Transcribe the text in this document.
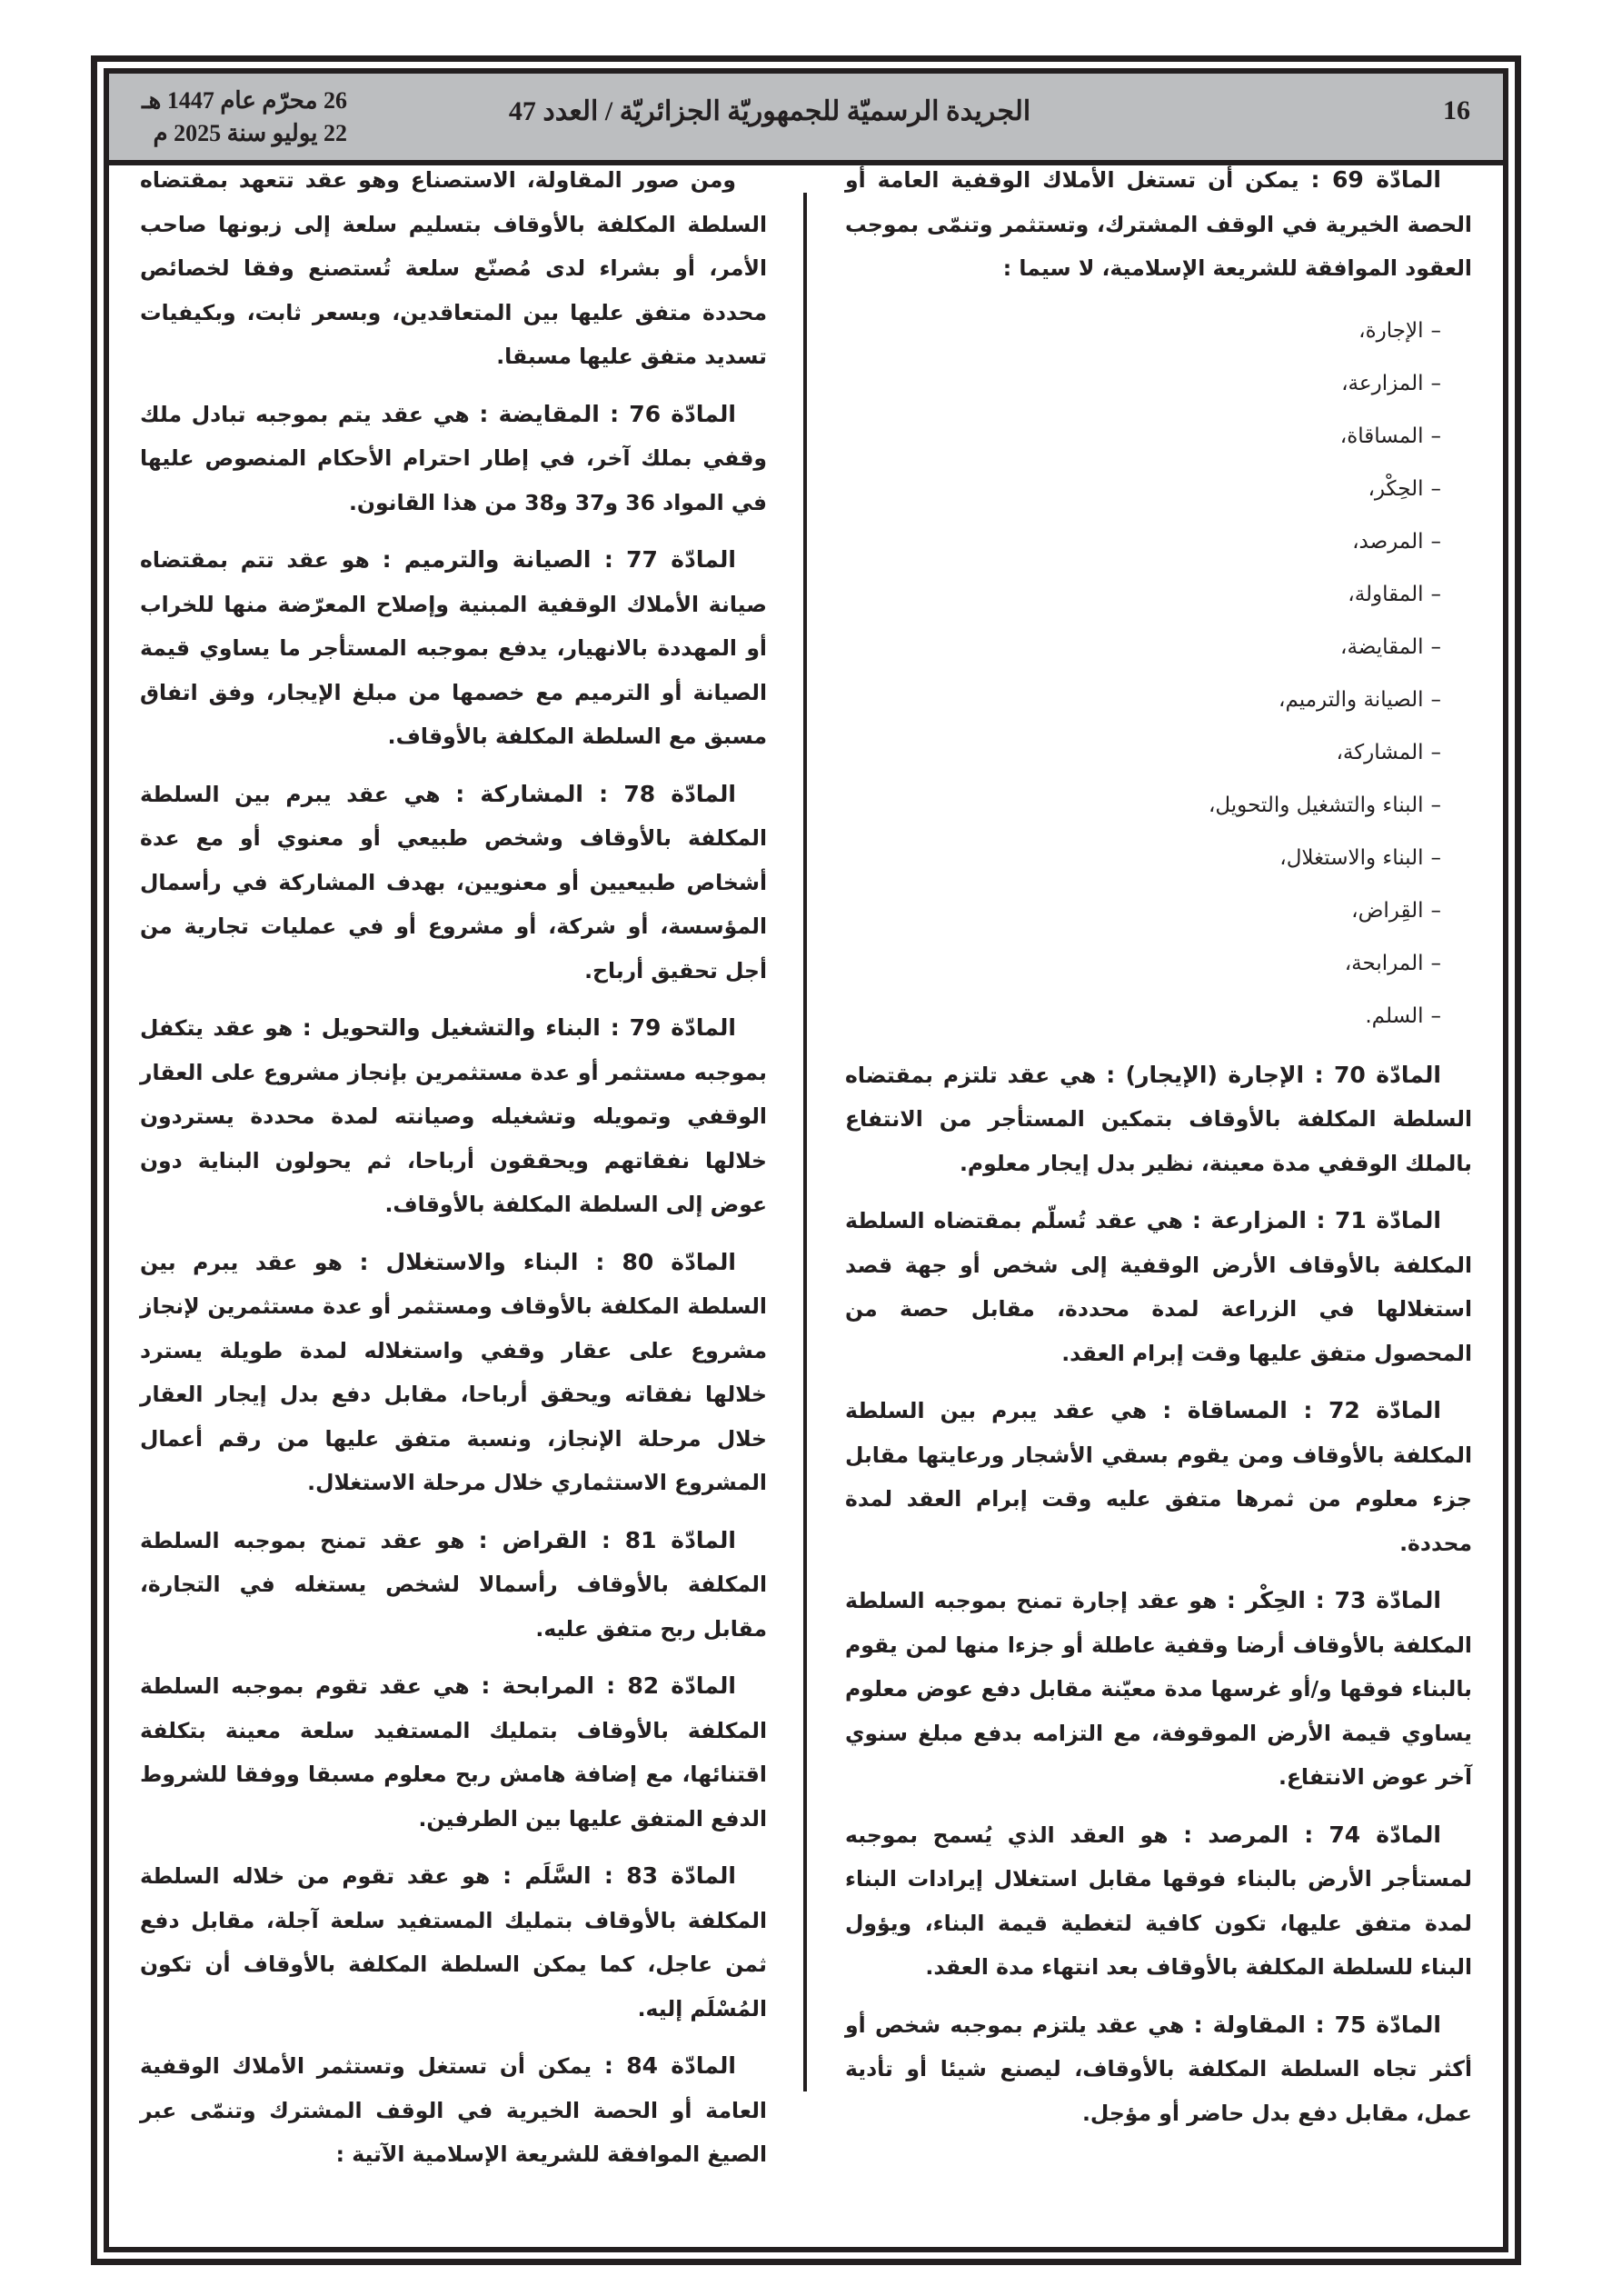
16
الجريدة الرسميّة للجمهوريّة الجزائريّة / العدد 47
26 محرّم عام 1447 هـ
22 يوليو سنة 2025 م

المادّة 69 : يمكن أن تستغل الأملاك الوقفية العامة أو الحصة الخيرية في الوقف المشترك، وتستثمر وتنمّى بموجب العقود الموافقة للشريعة الإسلامية، لا سيما :

–الإجارة،
–المزارعة،
–المساقاة،
–الحِكْر،
–المرصد،
–المقاولة،
–المقايضة،
–الصيانة والترميم،
–المشاركة،
–البناء والتشغيل والتحويل،
–البناء والاستغلال،
–القِراض،
–المرابحة،
–السلم.

المادّة 70 : الإجارة (الإيجار) : هي عقد تلتزم بمقتضاه السلطة المكلفة بالأوقاف بتمكين المستأجر من الانتفاع بالملك الوقفي مدة معينة، نظير بدل إيجار معلوم.

المادّة 71 : المزارعة : هي عقد تُسلّم بمقتضاه السلطة المكلفة بالأوقاف الأرض الوقفية إلى شخص أو جهة قصد استغلالها في الزراعة لمدة محددة، مقابل حصة من المحصول متفق عليها وقت إبرام العقد.

المادّة 72 : المساقاة : هي عقد يبرم بين السلطة المكلفة بالأوقاف ومن يقوم بسقي الأشجار ورعايتها مقابل جزء معلوم من ثمرها متفق عليه وقت إبرام العقد لمدة محددة.

المادّة 73 : الحِكْر : هو عقد إجارة تمنح بموجبه السلطة المكلفة بالأوقاف أرضا وقفية عاطلة أو جزءا منها لمن يقوم بالبناء فوقها و/أو غرسها مدة معيّنة مقابل دفع عوض معلوم يساوي قيمة الأرض الموقوفة، مع التزامه بدفع مبلغ سنوي آخر عوض الانتفاع.

المادّة 74 : المرصد : هو العقد الذي يُسمح بموجبه لمستأجر الأرض بالبناء فوقها مقابل استغلال إيرادات البناء لمدة متفق عليها، تكون كافية لتغطية قيمة البناء، ويؤول البناء للسلطة المكلفة بالأوقاف بعد انتهاء مدة العقد.

المادّة 75 : المقاولة : هي عقد يلتزم بموجبه شخص أو أكثر تجاه السلطة المكلفة بالأوقاف، ليصنع شيئا أو تأدية عمل، مقابل دفع بدل حاضر أو مؤجل.

ومن صور المقاولة، الاستصناع وهو عقد تتعهد بمقتضاه السلطة المكلفة بالأوقاف بتسليم سلعة إلى زبونها صاحب الأمر، أو بشراء لدى مُصنّع سلعة تُستصنع وفقا لخصائص محددة متفق عليها بين المتعاقدين، وبسعر ثابت، وبكيفيات تسديد متفق عليها مسبقا.

المادّة 76 : المقايضة : هي عقد يتم بموجبه تبادل ملك وقفي بملك آخر، في إطار احترام الأحكام المنصوص عليها في المواد 36 و37 و38 من هذا القانون.

المادّة 77 : الصيانة والترميم : هو عقد تتم بمقتضاه صيانة الأملاك الوقفية المبنية وإصلاح المعرّضة منها للخراب أو المهددة بالانهيار، يدفع بموجبه المستأجر ما يساوي قيمة الصيانة أو الترميم مع خصمها من مبلغ الإيجار، وفق اتفاق مسبق مع السلطة المكلفة بالأوقاف.

المادّة 78 : المشاركة : هي عقد يبرم بين السلطة المكلفة بالأوقاف وشخص طبيعي أو معنوي أو مع عدة أشخاص طبيعيين أو معنويين، بهدف المشاركة في رأسمال المؤسسة، أو شركة، أو مشروع أو في عمليات تجارية من أجل تحقيق أرباح.

المادّة 79 : البناء والتشغيل والتحويل : هو عقد يتكفل بموجبه مستثمر أو عدة مستثمرين بإنجاز مشروع على العقار الوقفي وتمويله وتشغيله وصيانته لمدة محددة يستردون خلالها نفقاتهم ويحققون أرباحا، ثم يحولون البناية دون عوض إلى السلطة المكلفة بالأوقاف.

المادّة 80 : البناء والاستغلال : هو عقد يبرم بين السلطة المكلفة بالأوقاف ومستثمر أو عدة مستثمرين لإنجاز مشروع على عقار وقفي واستغلاله لمدة طويلة يسترد خلالها نفقاته ويحقق أرباحا، مقابل دفع بدل إيجار العقار خلال مرحلة الإنجاز، ونسبة متفق عليها من رقم أعمال المشروع الاستثماري خلال مرحلة الاستغلال.

المادّة 81 : القراض : هو عقد تمنح بموجبه السلطة المكلفة بالأوقاف رأسمالا لشخص يستغله في التجارة، مقابل ربح متفق عليه.

المادّة 82 : المرابحة : هي عقد تقوم بموجبه السلطة المكلفة بالأوقاف بتمليك المستفيد سلعة معينة بتكلفة اقتنائها، مع إضافة هامش ربح معلوم مسبقا ووفقا للشروط الدفع المتفق عليها بين الطرفين.

المادّة 83 : السَّلَم : هو عقد تقوم من خلاله السلطة المكلفة بالأوقاف بتمليك المستفيد سلعة آجلة، مقابل دفع ثمن عاجل، كما يمكن السلطة المكلفة بالأوقاف أن تكون المُسْلَم إليه.

المادّة 84 : يمكن أن تستغل وتستثمر الأملاك الوقفية العامة أو الحصة الخيرية في الوقف المشترك وتنمّى عبر الصيغ الموافقة للشريعة الإسلامية الآتية :
